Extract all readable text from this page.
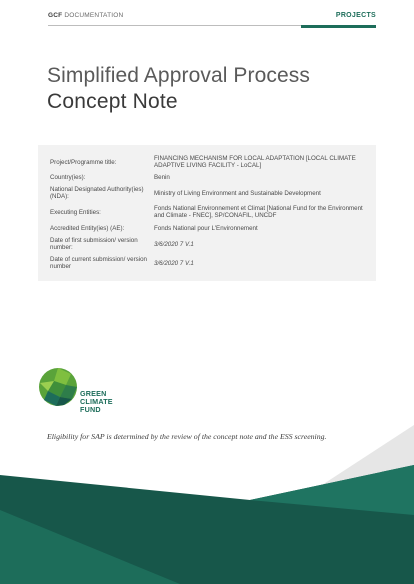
GCF DOCUMENTATION	PROJECTS
Simplified Approval Process
Concept Note
Project/Programme title:
FINANCING MECHANISM FOR LOCAL ADAPTATION [LOCAL CLIMATE ADAPTIVE LIVING FACILITY - LoCAL]
Country(ies):	Benin
National Designated Authority(ies) (NDA):	Ministry of Living Environment and Sustainable Development
Executing Entities:
Fonds National Environnement et Climat [National Fund for the Environment and Climate - FNEC], SP/CONAFIL, UNCDF
Accredited Entity(ies) (AE):	Fonds National pour L'Environnement
Date of first submission/ version number:	3/6/2020 7 V.1
Date of current submission/ version number	3/6/2020 7 V.1
GREEN
CLIMATE
FUND
Eligibility for SAP is determined by the review of the concept note and the ESS screening.
